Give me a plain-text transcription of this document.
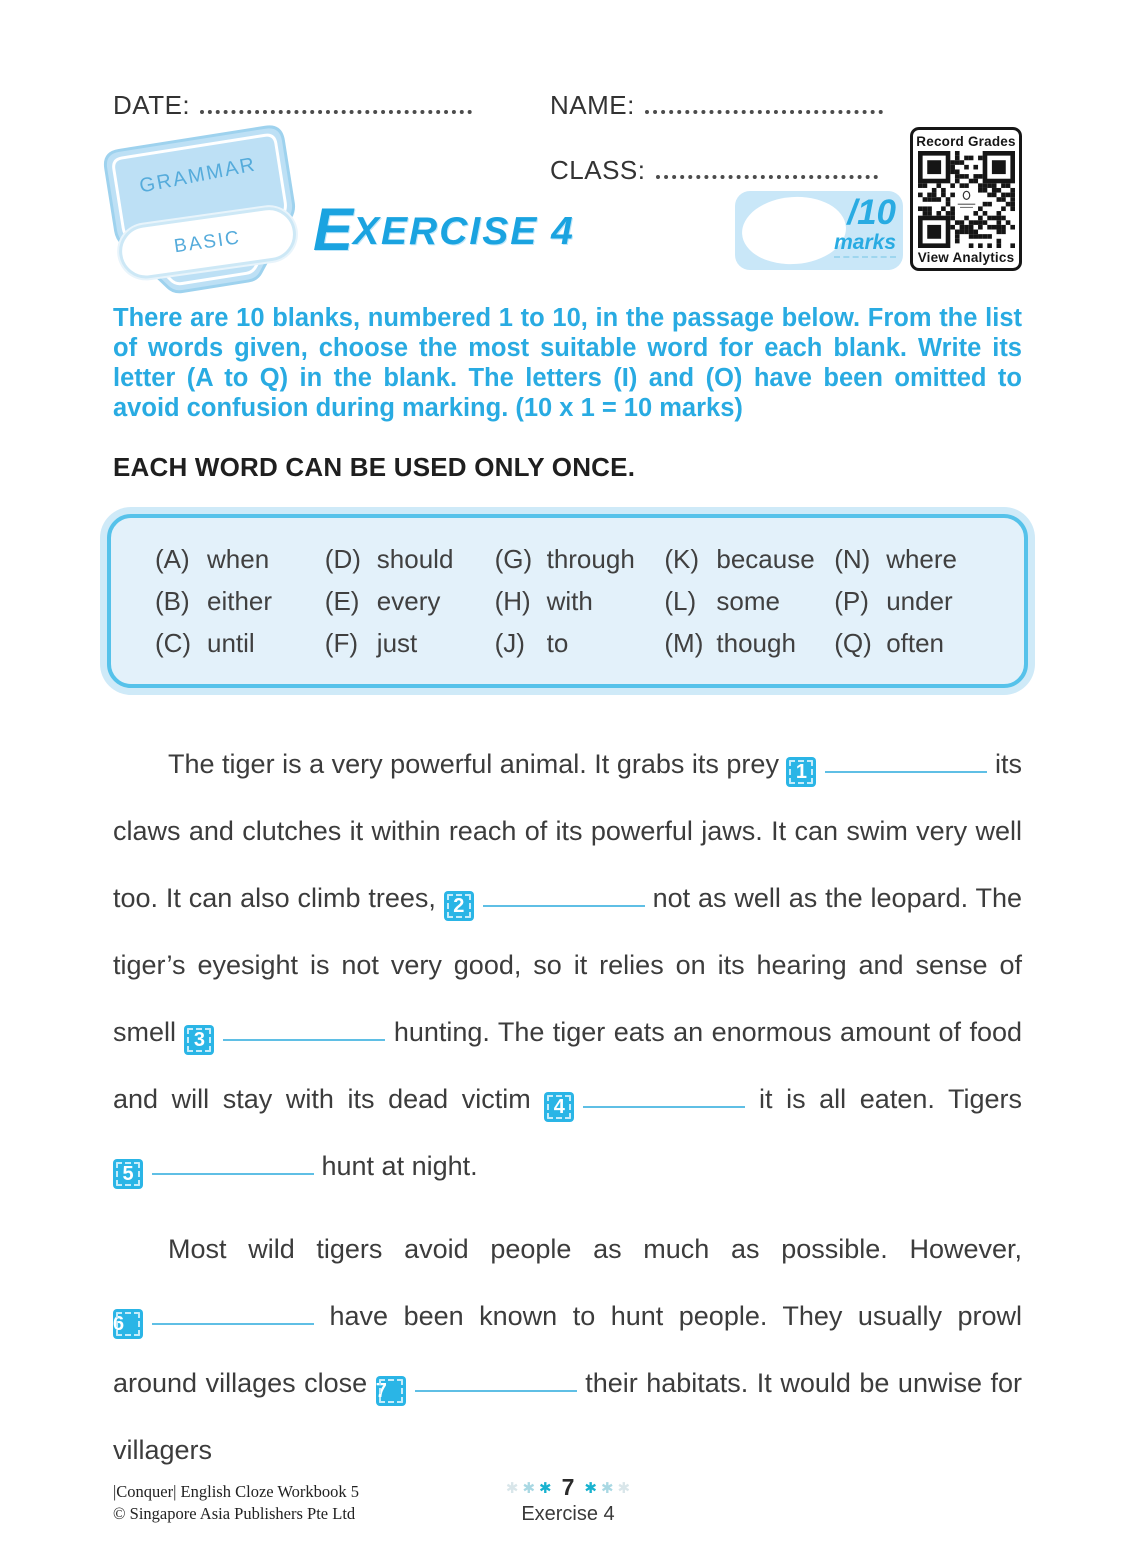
DATE:	NAME:
CLASS:
GRAMMAR
BASIC	EXERCISE 4	/10
marks
Record Grades
View Analytics
There are 10 blanks, numbered 1 to 10, in the passage below. From the list of words given, choose the most suitable word for each blank. Write its letter (A to Q) in the blank. The letters (I) and (O) have been omitted to avoid confusion during marking. (10 x 1 = 10 marks)
EACH WORD CAN BE USED ONLY ONCE.
(A) when	(D) should	(G) through	(K) because (N) where
(B) either	(E) every	(H) with	(L) some	(P) under
(C) until	(F) just	(J) to	(M) though	(Q) often

The tiger is a very powerful animal. It grabs its prey 1	its claws and clutches it within reach of its powerful jaws. It can swim very well too. It can also climb trees, 2	not as well as the leopard. The tiger’s eyesight is not very good, so it relies on its hearing and sense of smell 3	hunting. The tiger eats an enormous amount of food and will stay with its dead victim 4	it is all eaten. Tigers 5	hunt at night.

Most wild tigers avoid people as much as possible. However, 6	have been known to hunt people. They usually prowl around villages close 7	their habitats. It would be unwise for villagers

|Conquer| English Cloze Workbook 5
© Singapore Asia Publishers Pte Ltd
✱ ✱ ✱ 7 ✱ ✱ ✱
Exercise 4
